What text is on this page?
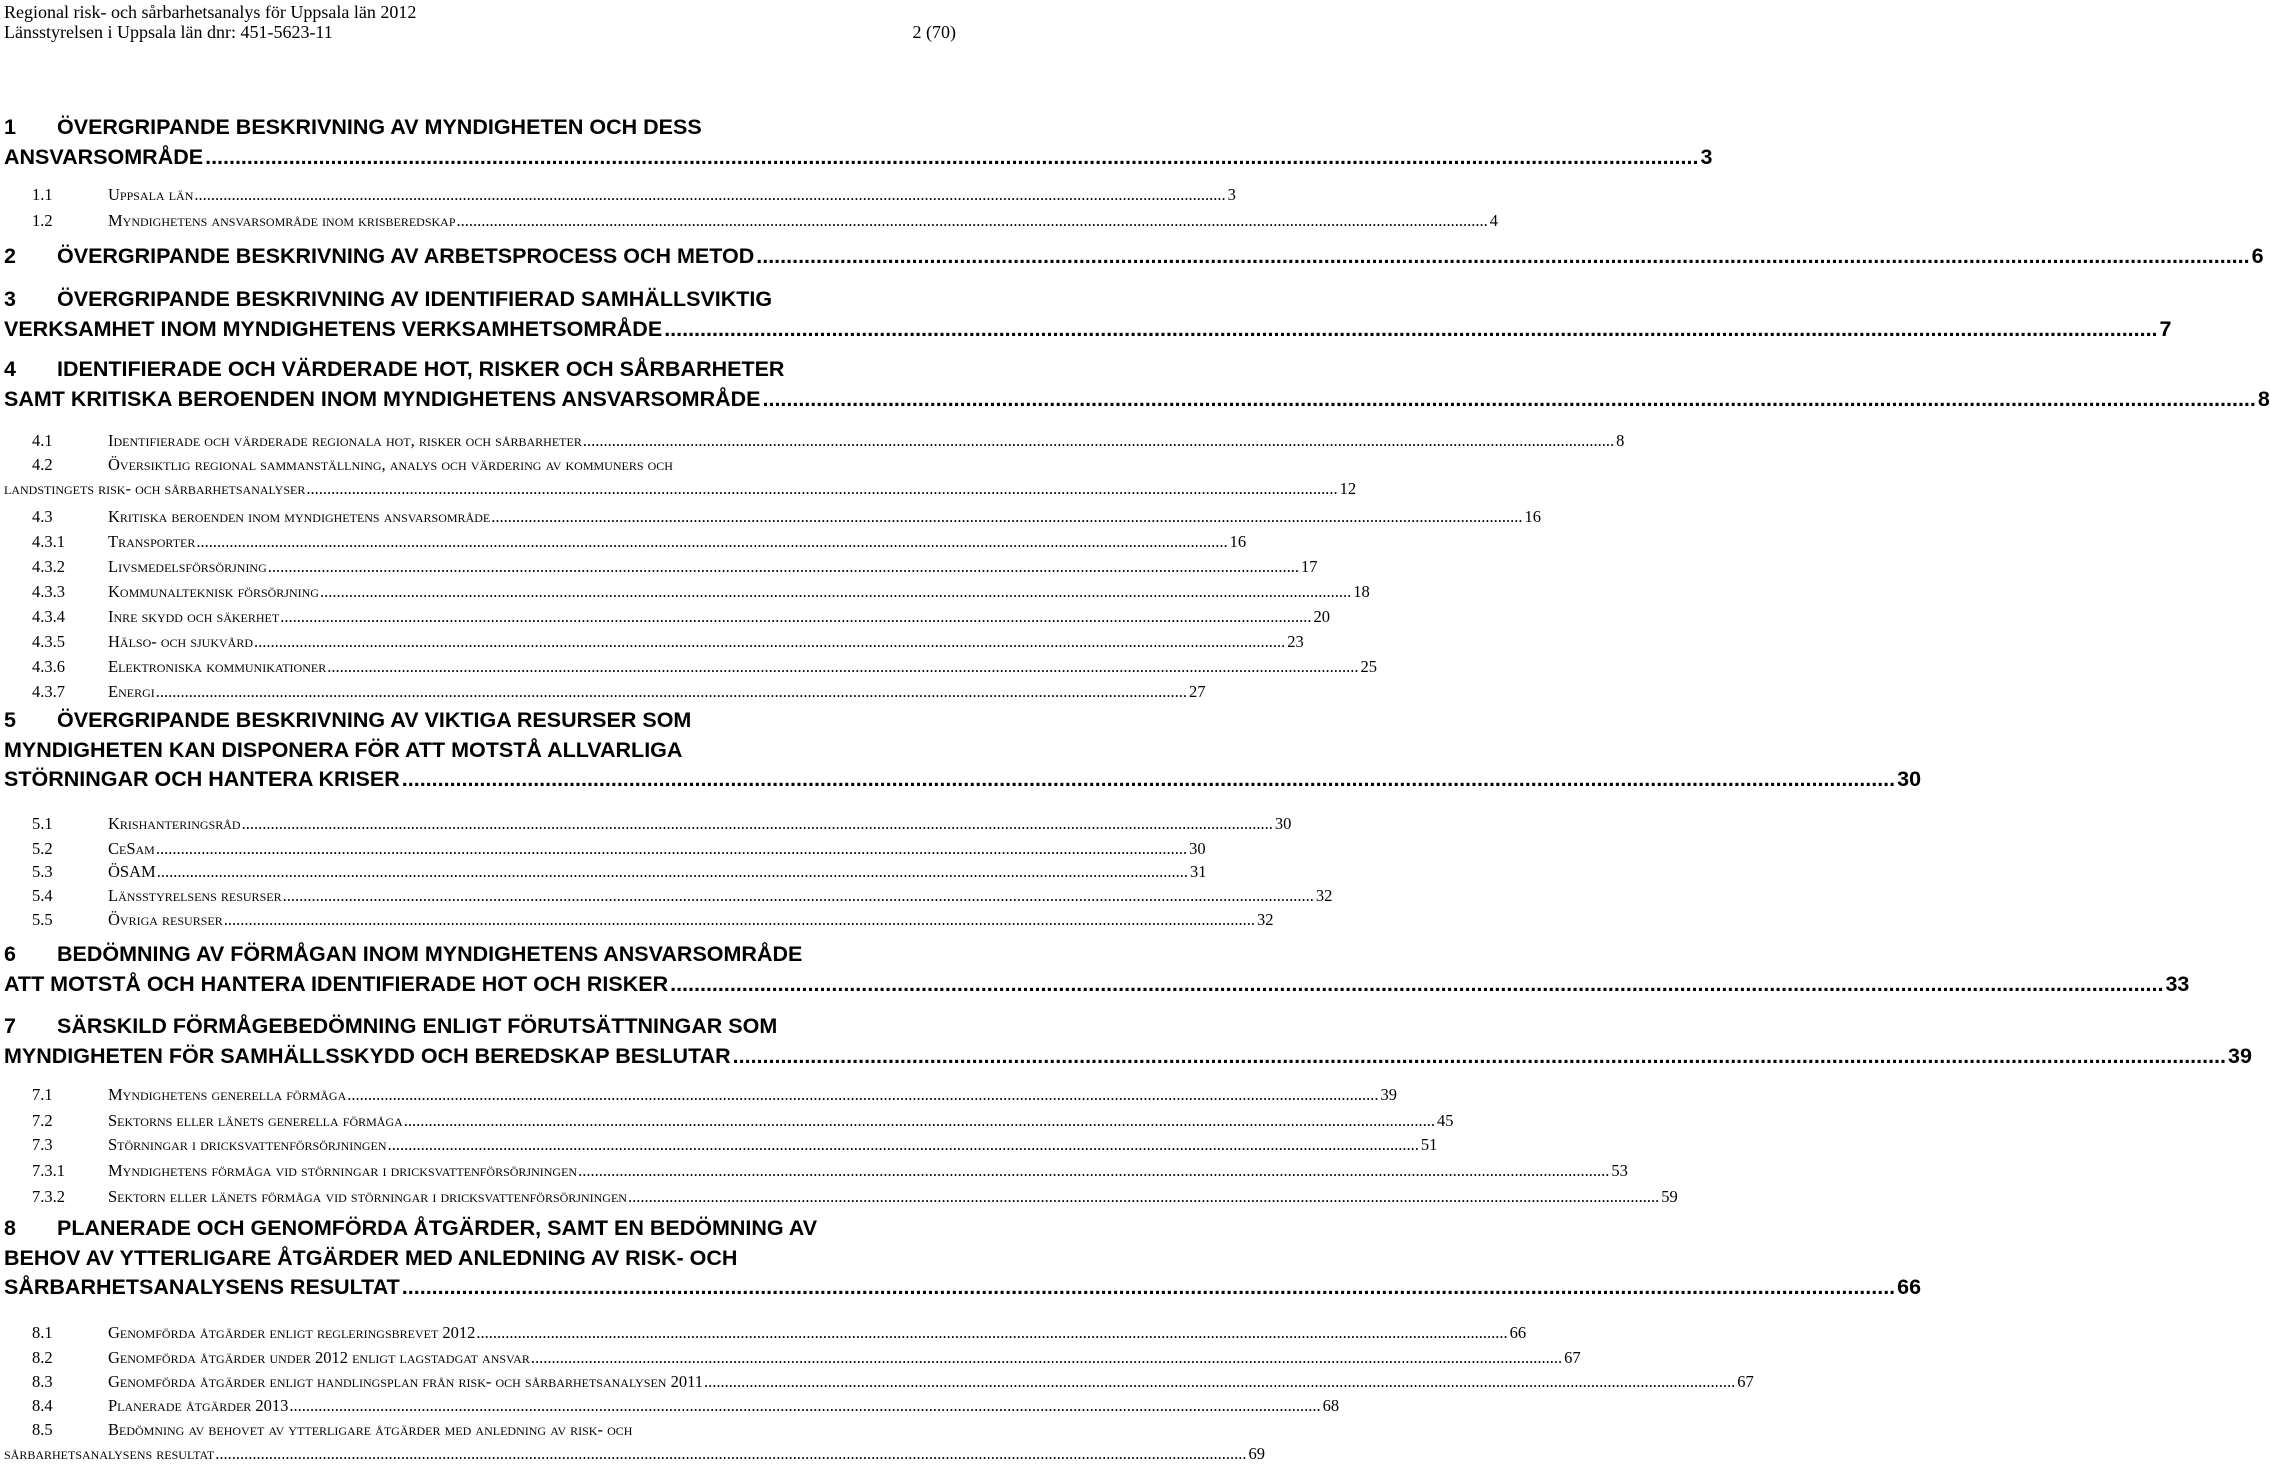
Regional risk- och sårbarhetsanalys för Uppsala län 2012
Länsstyrelsen i Uppsala län dnr: 451-5623-11	2 (70)
1 ÖVERGRIPANDE BESKRIVNING AV MYNDIGHETEN OCH DESS
ANSVARSOMRÅDE .......................................................................................................................................................................................................................................................... 3
1.1	Uppsala län .......................................................................................................................................................................................................................................................... 3
1.2	Myndighetens ansvarsområde inom krisberedskap .......................................................................................................................................................................................................................................................... 4
2 ÖVERGRIPANDE BESKRIVNING AV ARBETSPROCESS OCH METOD .......................................................................................................................................................................................................................................................... 6
3 ÖVERGRIPANDE BESKRIVNING AV IDENTIFIERAD SAMHÄLLSVIKTIG
VERKSAMHET INOM MYNDIGHETENS VERKSAMHETSOMRÅDE .......................................................................................................................................................................................................................................................... 7
4 IDENTIFIERADE OCH VÄRDERADE HOT, RISKER OCH SÅRBARHETER
SAMT KRITISKA BEROENDEN INOM MYNDIGHETENS ANSVARSOMRÅDE .......................................................................................................................................................................................................................................................... 8
4.1	Identifierade och värderade regionala hot, risker och sårbarheter .......................................................................................................................................................................................................................................................... 8
4.2	Översiktlig regional sammanställning, analys och värdering av kommuners och
landstingets risk- och sårbarhetsanalyser .......................................................................................................................................................................................................................................................... 12
4.3	Kritiska beroenden inom myndighetens ansvarsområde .......................................................................................................................................................................................................................................................... 16
4.3.1	Transporter .......................................................................................................................................................................................................................................................... 16
4.3.2	Livsmedelsförsörjning .......................................................................................................................................................................................................................................................... 17
4.3.3	Kommunalteknisk försörjning .......................................................................................................................................................................................................................................................... 18
4.3.4	Inre skydd och säkerhet .......................................................................................................................................................................................................................................................... 20
4.3.5	Hälso- och sjukvård .......................................................................................................................................................................................................................................................... 23
4.3.6	Elektroniska kommunikationer .......................................................................................................................................................................................................................................................... 25
4.3.7	Energi .......................................................................................................................................................................................................................................................... 27
5 ÖVERGRIPANDE BESKRIVNING AV VIKTIGA RESURSER SOM
MYNDIGHETEN KAN DISPONERA FÖR ATT MOTSTÅ ALLVARLIGA
STÖRNINGAR OCH HANTERA KRISER .......................................................................................................................................................................................................................................................... 30
5.1	Krishanteringsråd .......................................................................................................................................................................................................................................................... 30
5.2	CeSam .......................................................................................................................................................................................................................................................... 30
5.3	ÖSAM .......................................................................................................................................................................................................................................................... 31
5.4	Länsstyrelsens resurser .......................................................................................................................................................................................................................................................... 32
5.5	Övriga resurser .......................................................................................................................................................................................................................................................... 32
6 BEDÖMNING AV FÖRMÅGAN INOM MYNDIGHETENS ANSVARSOMRÅDE
ATT MOTSTÅ OCH HANTERA IDENTIFIERADE HOT OCH RISKER .......................................................................................................................................................................................................................................................... 33
7 SÄRSKILD FÖRMÅGEBEDÖMNING ENLIGT FÖRUTSÄTTNINGAR SOM
MYNDIGHETEN FÖR SAMHÄLLSSKYDD OCH BEREDSKAP BESLUTAR .......................................................................................................................................................................................................................................................... 39
7.1	Myndighetens generella förmåga .......................................................................................................................................................................................................................................................... 39
7.2	Sektorns eller länets generella förmåga .......................................................................................................................................................................................................................................................... 45
7.3	Störningar i dricksvattenförsörjningen .......................................................................................................................................................................................................................................................... 51
7.3.1	Myndighetens förmåga vid störningar i dricksvattenförsörjningen .......................................................................................................................................................................................................................................................... 53
7.3.2	Sektorn eller länets förmåga vid störningar i dricksvattenförsörjningen .......................................................................................................................................................................................................................................................... 59
8 PLANERADE OCH GENOMFÖRDA ÅTGÄRDER, SAMT EN BEDÖMNING AV
BEHOV AV YTTERLIGARE ÅTGÄRDER MED ANLEDNING AV RISK- OCH
SÅRBARHETSANALYSENS RESULTAT .......................................................................................................................................................................................................................................................... 66
8.1	Genomförda åtgärder enligt regleringsbrevet 2012 .......................................................................................................................................................................................................................................................... 66
8.2	Genomförda åtgärder under 2012 enligt lagstadgat ansvar .......................................................................................................................................................................................................................................................... 67
8.3	Genomförda åtgärder enligt handlingsplan från risk- och sårbarhetsanalysen 2011 .......................................................................................................................................................................................................................................................... 67
8.4	Planerade åtgärder 2013 .......................................................................................................................................................................................................................................................... 68
8.5	Bedömning av behovet av ytterligare åtgärder med anledning av risk- och
sårbarhetsanalysens resultat .......................................................................................................................................................................................................................................................... 69
